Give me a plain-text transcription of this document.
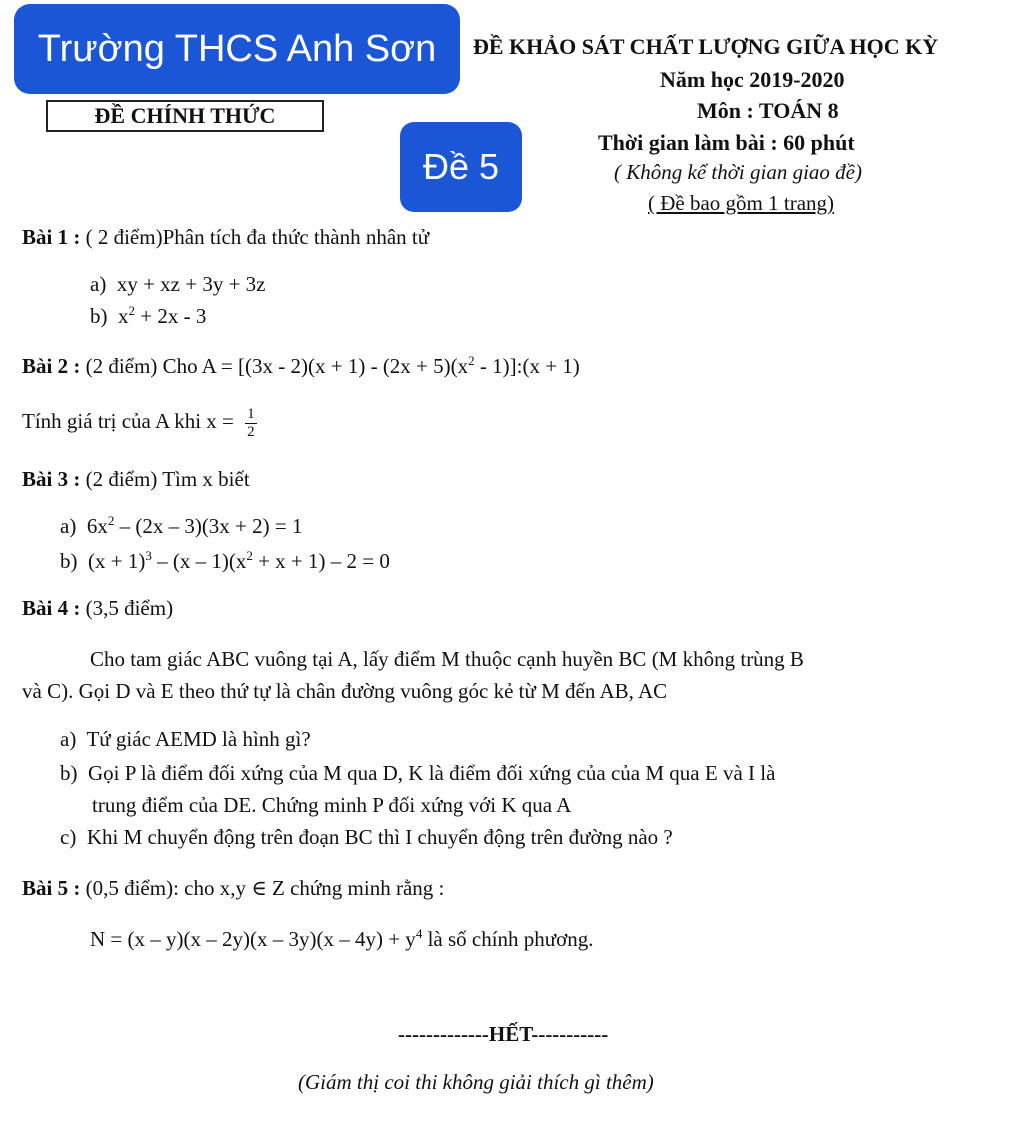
Trường THCS Anh Sơn
ĐỀ CHÍNH THỨC
Đề 5
ĐỀ KHẢO SÁT CHẤT LƯỢNG GIỮA HỌC KỲ
Năm học 2019-2020
Môn : TOÁN 8
Thời gian làm bài : 60 phút
( Không kể thời gian giao đề)
( Đề bao gồm 1 trang)
Bài 1 : ( 2 điểm)Phân tích đa thức thành nhân tử
a) xy + xz + 3y + 3z
b) $x^2 + 2x - 3$
Bài 2 : (2 điểm) Cho $A = [(3x - 2)(x + 1) - (2x + 5)(x^2$ - 1)]:(x + 1)
Tính giá trị của A khi $x = \frac{1}{2}$
Bài 3 : (2 điểm) Tìm x biết
a) $6x^2 - (2x - 3)(3x + 2) = 1$
b) $(x + 1)^3 - (x - 1)(x^2 + x + 1) - 2 = 0$
Bài 4 : (3,5 điểm)
Cho tam giác ABC vuông tại A, lấy điểm M thuộc cạnh huyền BC (M không trùng B
và C). Gọi D và E theo thứ tự là chân đường vuông góc kẻ từ M đến AB, AC
a) Tứ giác AEMD là hình gì?
b) Gọi P là điểm đối xứng của M qua D, K là điểm đối xứng của của M qua E và I là
trung điểm của DE. Chứng minh P đối xứng với K qua A
c) Khi M chuyển động trên đoạn BC thì I chuyển động trên đường nào ?
Bài 5 : (0,5 điểm): cho x,y ∈ Z chứng minh rằng :
$N = (x - y)(x - 2y)(x - 3y)(x - 4y) + y^4$ là số chính phương.
-------------HẾT-----------
(Giám thị coi thi không giải thích gì thêm)
